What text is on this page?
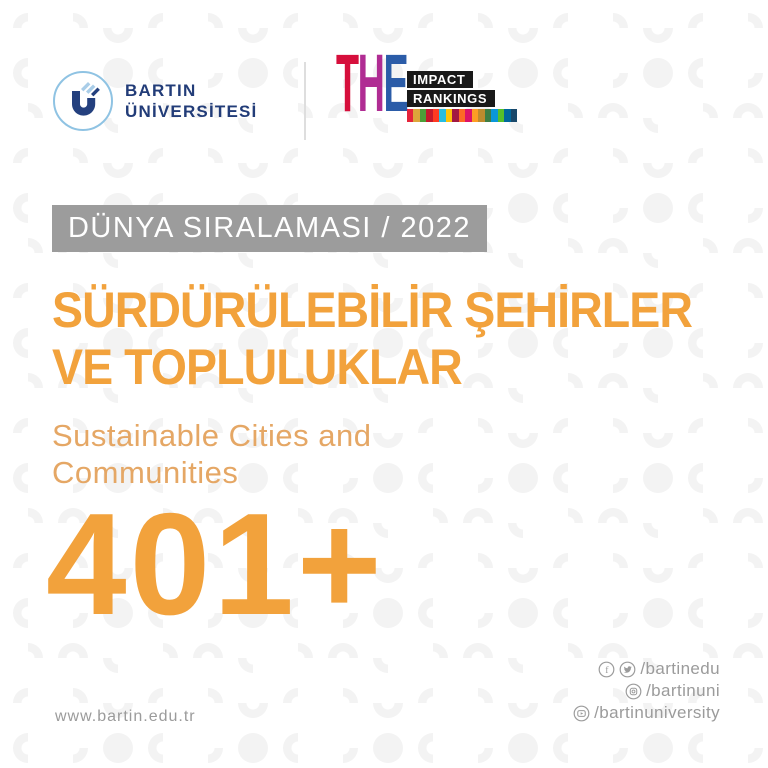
BARTIN
ÜNİVERSİTESİ T H E IMPACT
RANKINGS
DÜNYA SIRALAMASI / 2022
SÜRDÜRÜLEBİLİR ŞEHİRLER
VE TOPLULUKLAR
Sustainable Cities and
Communities
401+
www.bartin.edu.tr
f /bartinedu
/bartinuni
/bartinuniversity
